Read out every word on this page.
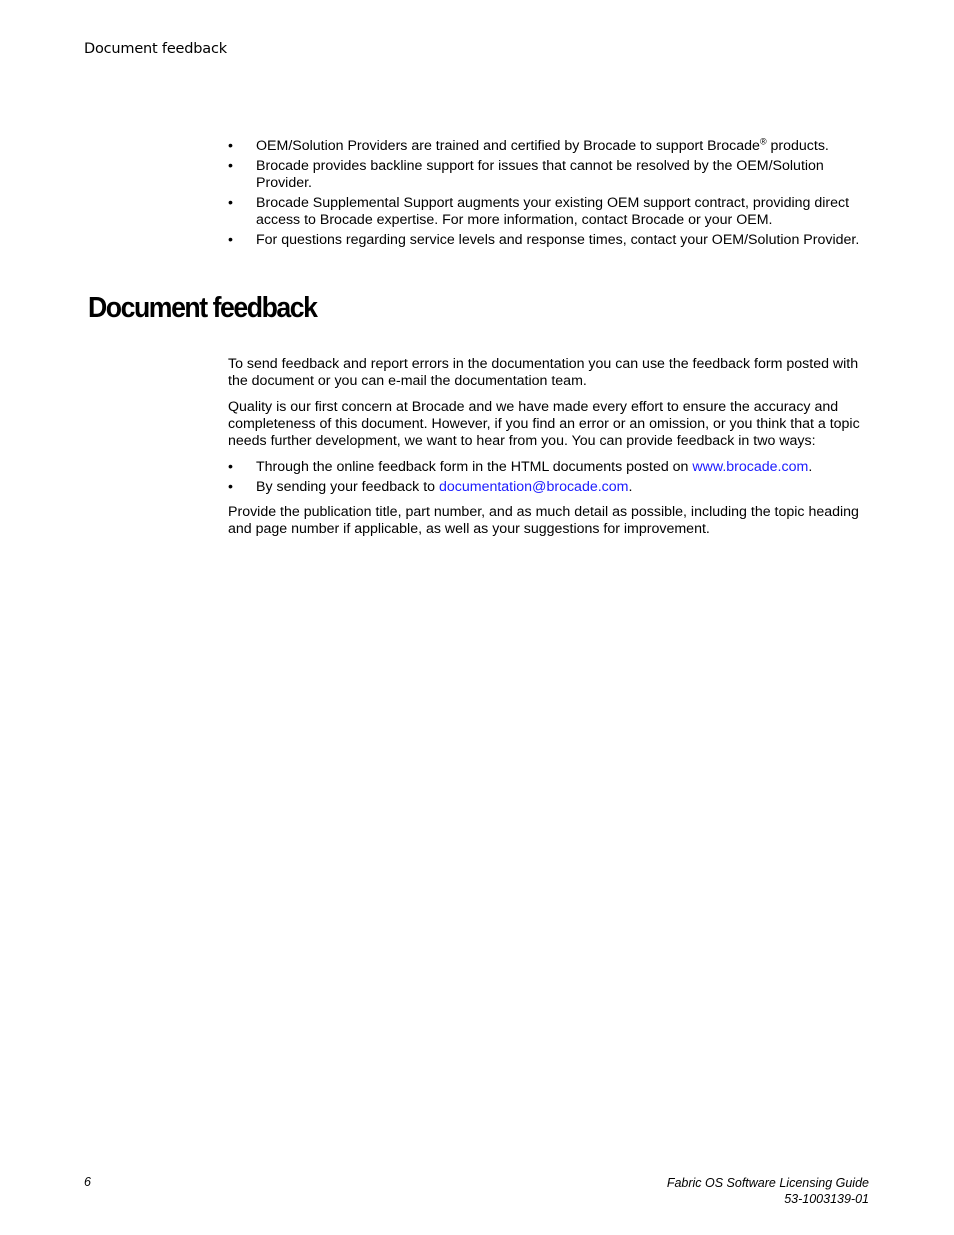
Document feedback
• OEM/Solution Providers are trained and certified by Brocade to support Brocade® products.
• Brocade provides backline support for issues that cannot be resolved by the OEM/Solution Provider.
• Brocade Supplemental Support augments your existing OEM support contract, providing direct access to Brocade expertise. For more information, contact Brocade or your OEM.
• For questions regarding service levels and response times, contact your OEM/Solution Provider.
Document feedback

To send feedback and report errors in the documentation you can use the feedback form posted with the document or you can e-mail the documentation team.

Quality is our first concern at Brocade and we have made every effort to ensure the accuracy and completeness of this document. However, if you find an error or an omission, or you think that a topic needs further development, we want to hear from you. You can provide feedback in two ways:

• Through the online feedback form in the HTML documents posted on www.brocade.com.
• By sending your feedback to documentation@brocade.com.

Provide the publication title, part number, and as much detail as possible, including the topic heading and page number if applicable, as well as your suggestions for improvement.

6	Fabric OS Software Licensing Guide
53-1003139-01
